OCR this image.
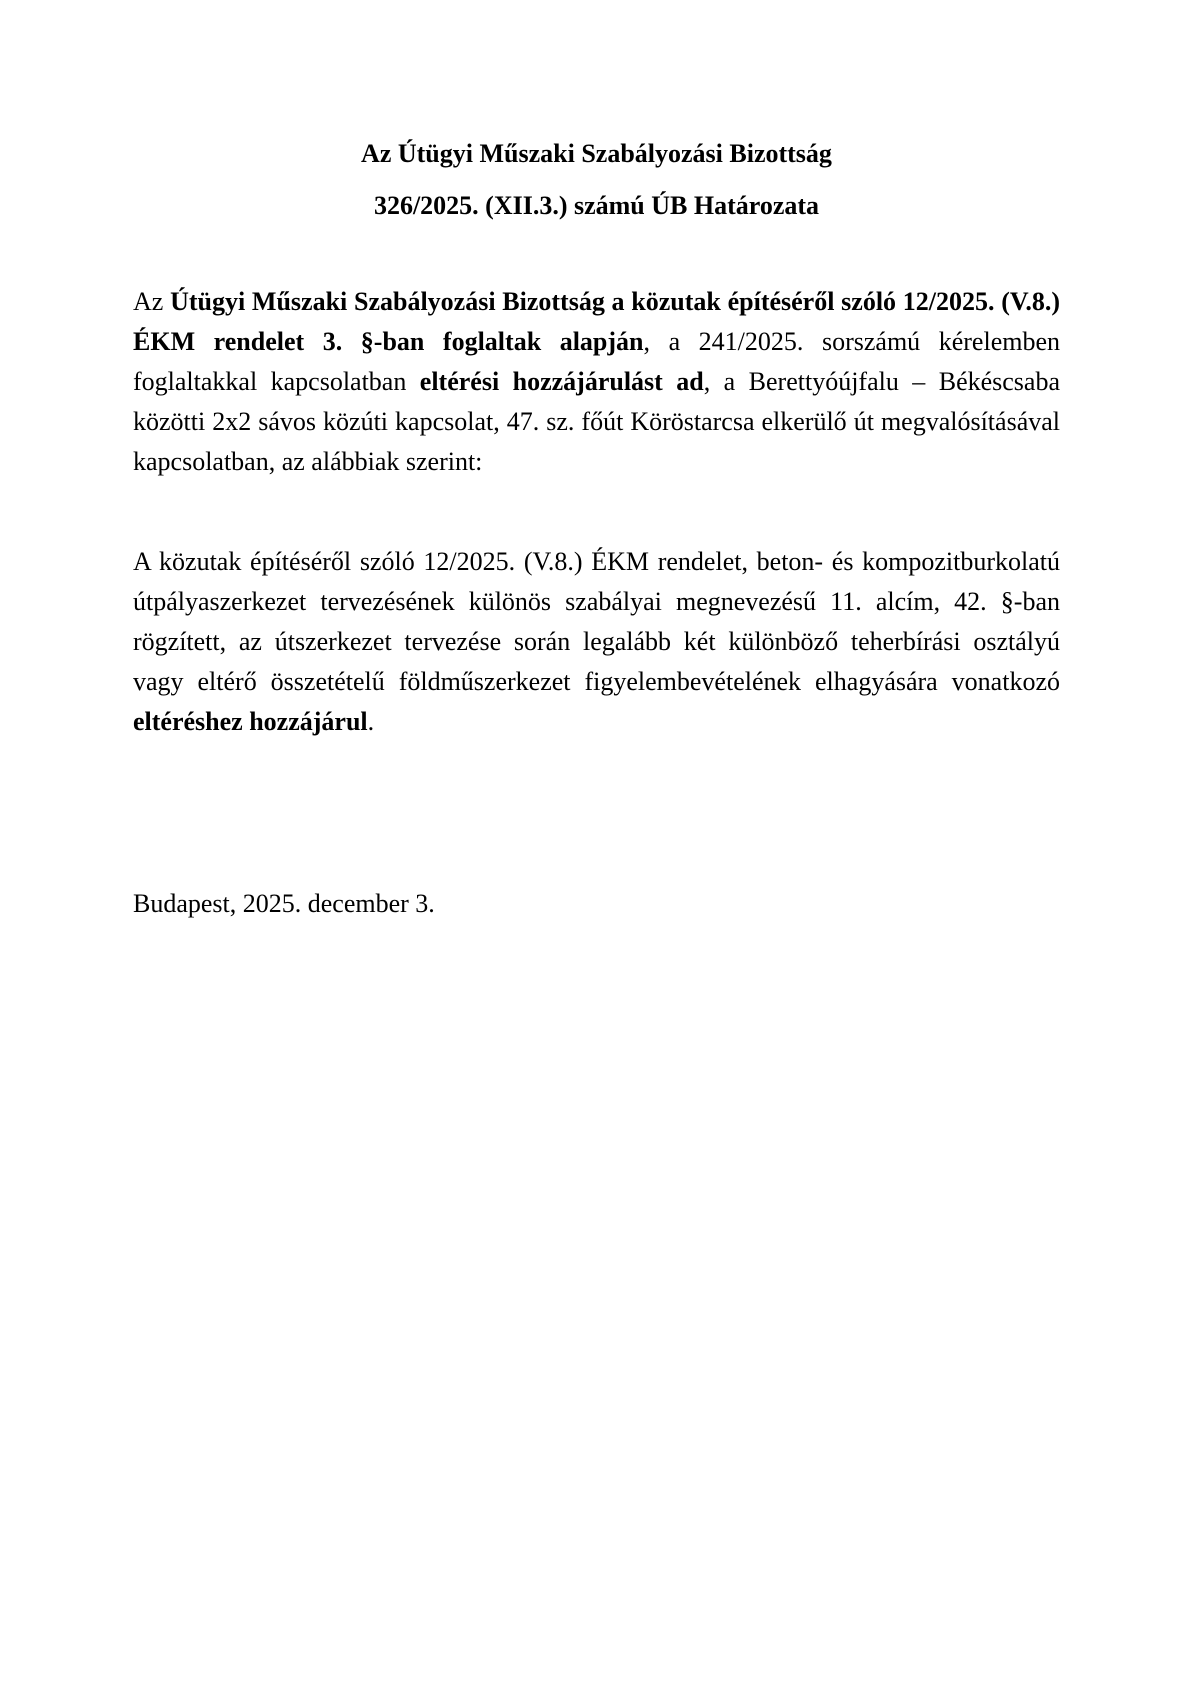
Az Útügyi Műszaki Szabályozási Bizottság
326/2025. (XII.3.) számú ÚB Határozata

Az Útügyi Műszaki Szabályozási Bizottság a közutak építéséről szóló 12/2025. (V.8.) ÉKM rendelet 3. §-ban foglaltak alapján, a 241/2025. sorszámú kérelemben foglaltakkal kapcsolatban eltérési hozzájárulást ad, a Berettyóújfalu – Békéscsaba közötti 2x2 sávos közúti kapcsolat, 47. sz. főút Köröstarcsa elkerülő út megvalósításával kapcsolatban, az alábbiak szerint:

A közutak építéséről szóló 12/2025. (V.8.) ÉKM rendelet, beton- és kompozitburkolatú útpályaszerkezet tervezésének különös szabályai megnevezésű 11. alcím, 42. §-ban rögzített, az útszerkezet tervezése során legalább két különböző teherbírási osztályú vagy eltérő összetételű földműszerkezet figyelembevételének elhagyására vonatkozó eltéréshez hozzájárul.

Budapest, 2025. december 3.
